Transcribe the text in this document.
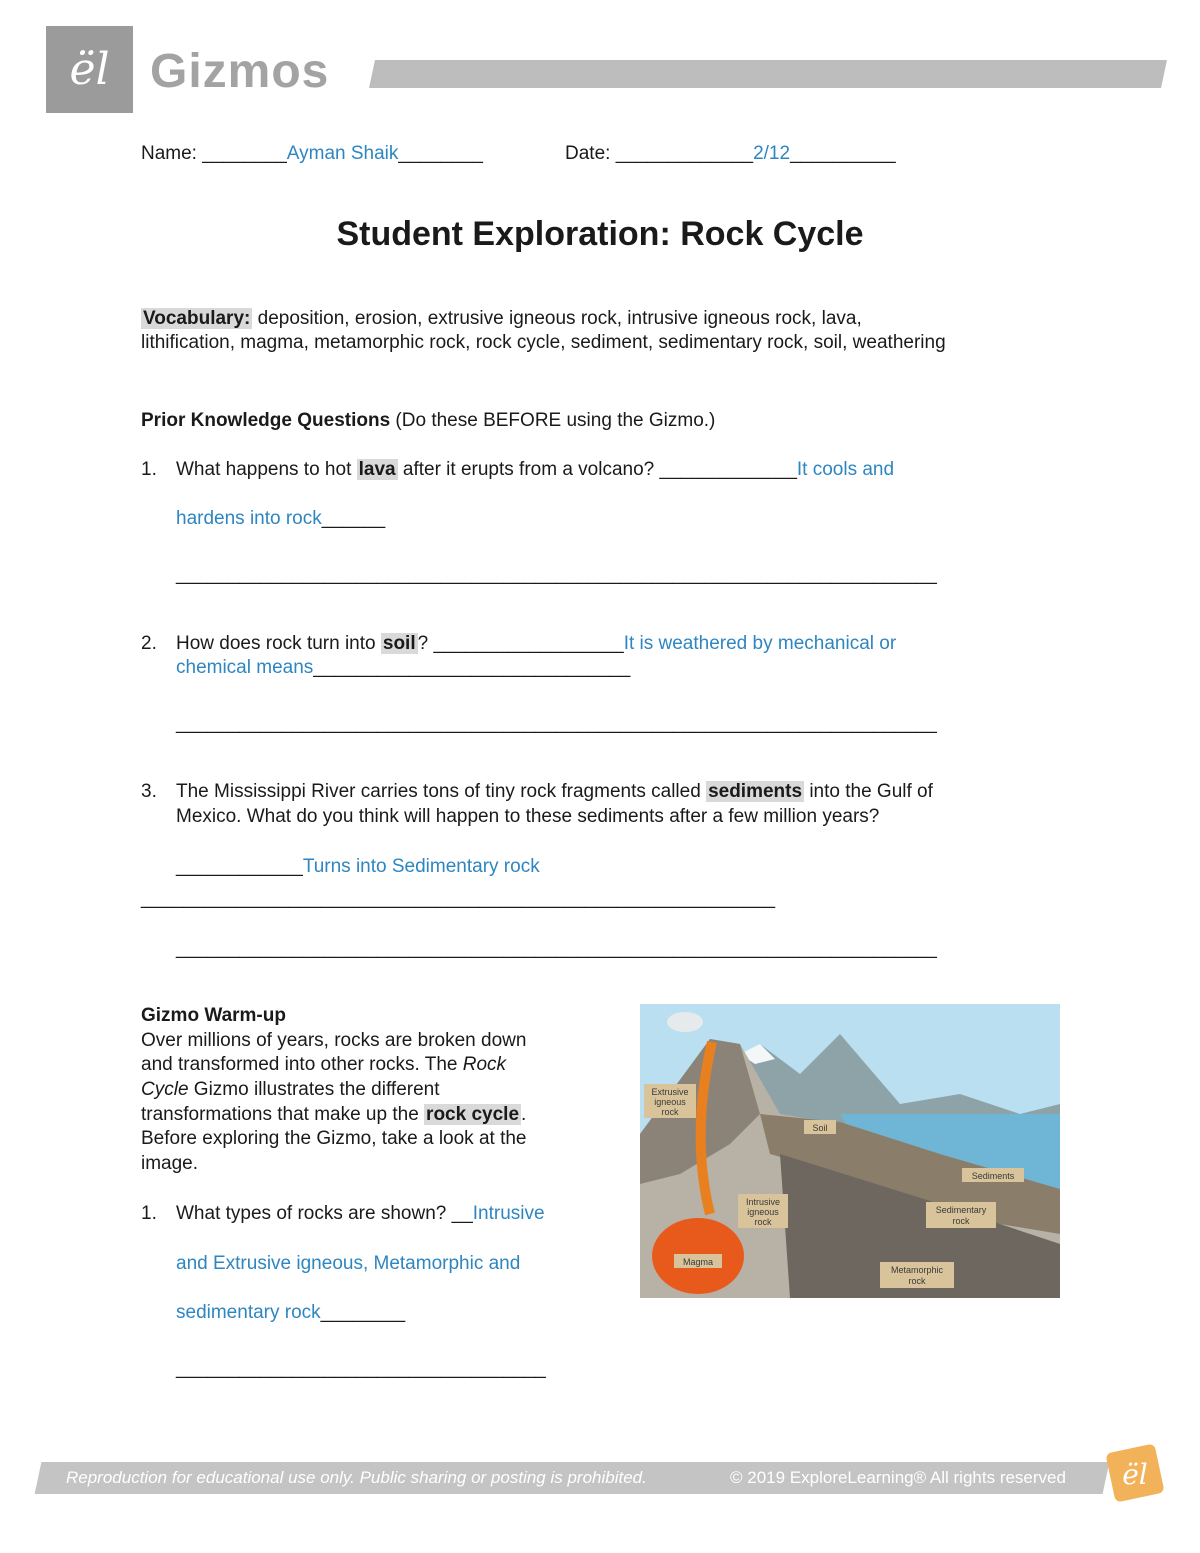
ël Gizmos
Name: ________Ayman Shaik________	Date: _____________2/12__________
Student Exploration: Rock Cycle
Vocabulary: deposition, erosion, extrusive igneous rock, intrusive igneous rock, lava,
lithification, magma, metamorphic rock, rock cycle, sediment, sedimentary rock, soil, weathering
Prior Knowledge Questions (Do these BEFORE using the Gizmo.)
1. What happens to hot lava after it erupts from a volcano? _____________It cools and
hardens into rock______
________________________________________________________________________
2. How does rock turn into soil ? __________________It is weathered by mechanical or
chemical means______________________________
________________________________________________________________________
3. The Mississippi River carries tons of tiny rock fragments called sediments into the Gulf of
Mexico. What do you think will happen to these sediments after a few million years?
____________Turns into Sedimentary rock
____________________________________________________________
________________________________________________________________________
Gizmo Warm-up
Over millions of years, rocks are broken down
and transformed into other rocks. The Rock
Cycle Gizmo illustrates the different
transformations that make up the rock cycle .
Before exploring the Gizmo, take a look at the
image.
1. What types of rocks are shown? __Intrusive
and Extrusive igneous, Metamorphic and
sedimentary rock________
___________________________________
Extrusive
igneous
rock
Soil
Sediments
Intrusive
igneous
rock
Sedimentary
rock
Magma
Metamorphic
rock
Reproduction for educational use only. Public sharing or posting is prohibited.	© 2019 ExploreLearning® All rights reserved ël
